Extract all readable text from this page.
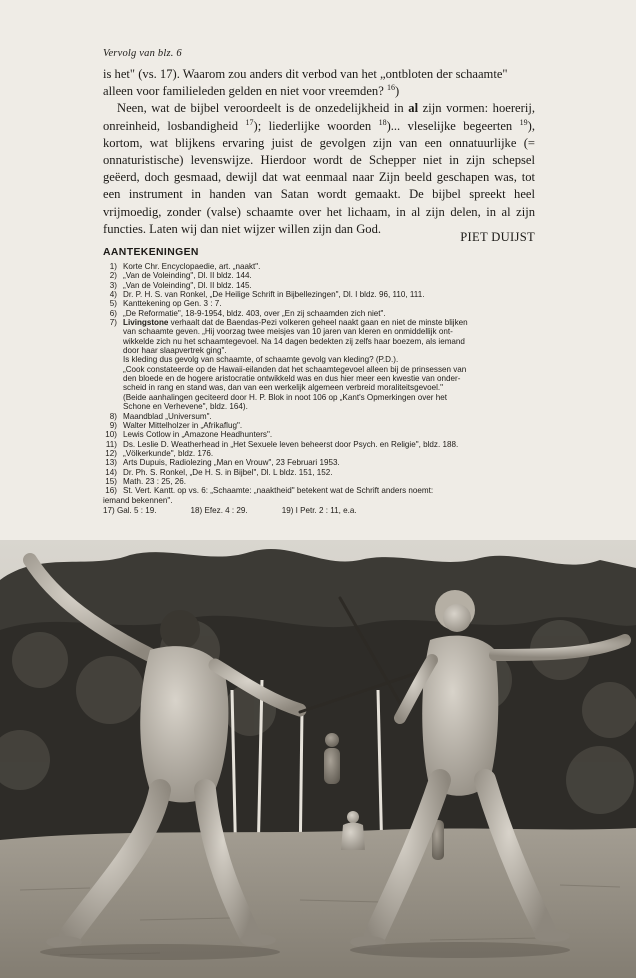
Vervolg van blz. 6

is het" (vs. 17). Waarom zou anders dit verbod van het „ontbloten der schaamte"
alleen voor familieleden gelden en niet voor vreemden? $^{16}$)

Neen, wat de bijbel veroordeelt is de onzedelijkheid in al zijn vormen: hoererij, onreinheid, losbandigheid $^{17}$); liederlijke woorden $^{18}$)... vleselijke begeerten $^{19}$), kortom, wat blijkens ervaring juist de gevolgen zijn van een onnatuurlijke (= onnaturistische) levenswijze. Hierdoor wordt de Schepper niet in zijn schepsel geëerd, doch gesmaad, dewijl dat wat eenmaal naar Zijn beeld geschapen was, tot een instrument in handen van Satan wordt gemaakt. De bijbel spreekt heel vrijmoedig, zonder (valse) schaamte over het lichaam, in al zijn delen, in al zijn functies. Laten wij dan niet wijzer willen zijn dan God.

PIET DUIJST
AANTEKENINGEN
1) Korte Chr. Encyclopaedie, art. „naakt".
2) „Van de Voleinding", Dl. II bldz. 144.
3) „Van de Voleinding", Dl. II bldz. 145.
4) Dr. P. H. S. van Ronkel, „De Heilige Schrift in Bijbellezingen", Dl. I bldz. 96, 110, 111.
5) Kanttekening op Gen. 3 : 7.
6) „De Reformatie", 18-9-1954, bldz. 403, over „En zij schaamden zich niet".
7) Livingstone verhaalt dat de Baendas-Pezi volkeren geheel naakt gaan en niet de minste blijken
van schaamte geven. „Hij voorzag twee meisjes van 10 jaren van kleren en onmiddellijk ont-
wikkelde zich nu het schaamtegevoel. Na 14 dagen bedekten zij zelfs haar boezem, als iemand
door haar slaapvertrek ging".
Is kleding dus gevolg van schaamte, of schaamte gevolg van kleding? (P.D.).
„Cook constateerde op de Hawaii-eilanden dat het schaamtegevoel alleen bij de prinsessen van
den bloede en de hogere aristocratie ontwikkeld was en dus hier meer een kwestie van onder-
scheid in rang en stand was, dan van een werkelijk algemeen verbreid moraliteitsgevoel."
(Beide aanhalingen geciteerd door H. P. Blok in noot 106 op „Kant's Opmerkingen over het
Schone en Verhevene", bldz. 164).
8) Maandblad „Universum".
9) Walter Mittelholzer in „Afrikaflug".
10) Lewis Cotlow in „Amazone Headhunters".
11) Ds. Leslie D. Weatherhead in „Het Sexuele leven beheerst door Psych. en Religie", bldz. 188.
12) „Völkerkunde", bldz. 176.
13) Arts Dupuis, Radiolezing „Man en Vrouw", 23 Februari 1953.
14) Dr. Ph. S. Ronkel, „De H. S. in Bijbel", Dl. L bldz. 151, 152.
15) Math. 23 : 25, 26.
16) St. Vert. Kantt. op vs. 6: „Schaamte: „naaktheid" betekent wat de Schrift anders noemt:
iemand bekennen".
17) Gal. 5 : 19.	18) Efez. 4 : 29.	19) I Petr. 2 : 11, e.a.
